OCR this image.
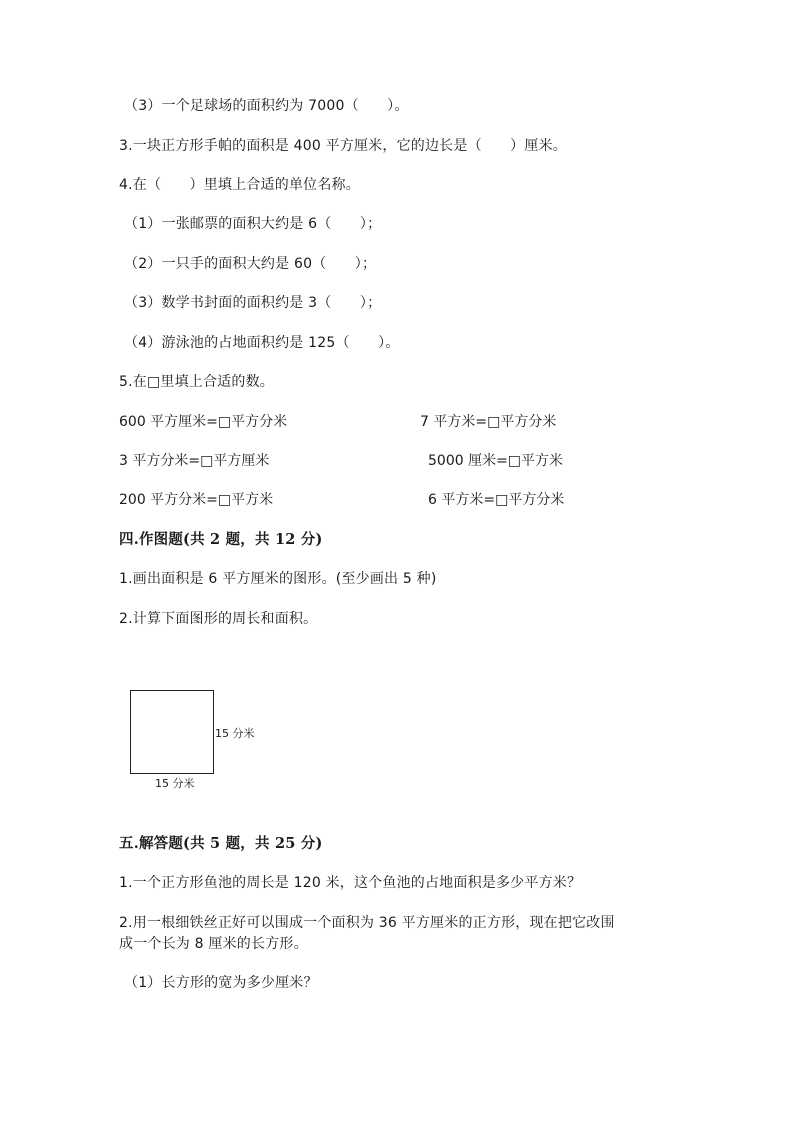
（3）一个足球场的面积约为 7000（　　）。
3.一块正方形手帕的面积是 400 平方厘米，它的边长是（　　）厘米。
4.在（　　）里填上合适的单位名称。
（1）一张邮票的面积大约是 6（　　）；
（2）一只手的面积大约是 60（　　）；
（3）数学书封面的面积约是 3（　　）；
（4）游泳池的占地面积约是 125（　　）。
5.在□里填上合适的数。
600 平方厘米=□平方分米	7 平方米=□平方分米
3 平方分米=□平方厘米	5000 厘米=□平方米
200 平方分米=□平方米	6 平方米=□平方分米
四.作图题(共 2 题，共 12 分)
1.画出面积是 6 平方厘米的图形。(至少画出 5 种)
2.计算下面图形的周长和面积。
15 分米
15 分米
五.解答题(共 5 题，共 25 分)
1.一个正方形鱼池的周长是 120 米，这个鱼池的占地面积是多少平方米？
2.用一根细铁丝正好可以围成一个面积为 36 平方厘米的正方形，现在把它改围
成一个长为 8 厘米的长方形。
（1）长方形的宽为多少厘米？
